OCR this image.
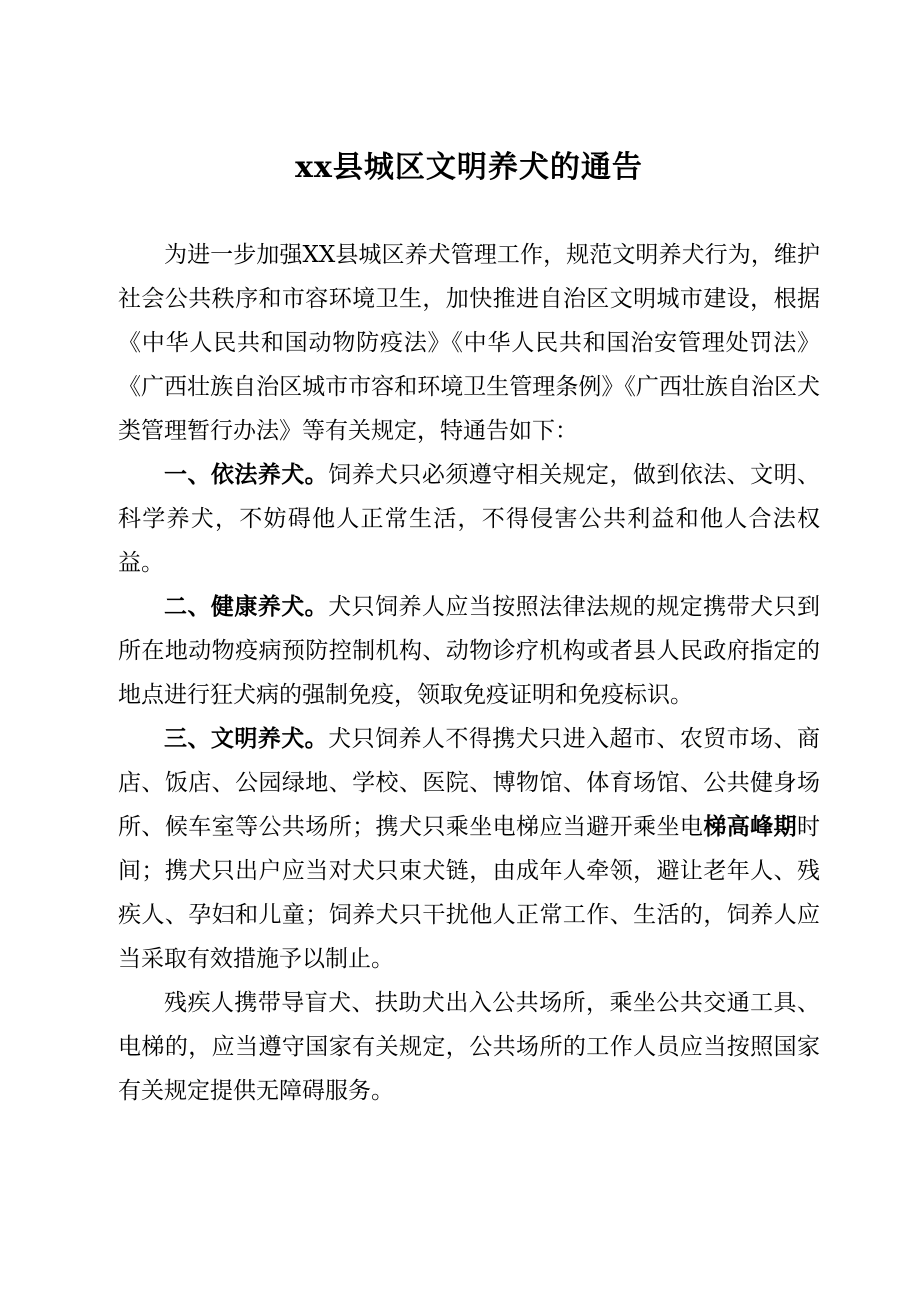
xx县城区文明养犬的通告

为进一步加强XX县城区养犬管理工作，规范文明养犬行为，维护社会公共秩序和市容环境卫生，加快推进自治区文明城市建设，根据《中华人民共和国动物防疫法》《中华人民共和国治安管理处罚法》《广西壮族自治区城市市容和环境卫生管理条例》《广西壮族自治区犬类管理暂行办法》等有关规定，特通告如下：

一、依法养犬。饲养犬只必须遵守相关规定，做到依法、文明、科学养犬，不妨碍他人正常生活，不得侵害公共利益和他人合法权益。

二、健康养犬。犬只饲养人应当按照法律法规的规定携带犬只到所在地动物疫病预防控制机构、动物诊疗机构或者县人民政府指定的地点进行狂犬病的强制免疫，领取免疫证明和免疫标识。

三、文明养犬。犬只饲养人不得携犬只进入超市、农贸市场、商店、饭店、公园绿地、学校、医院、博物馆、体育场馆、公共健身场所、候车室等公共场所；携犬只乘坐电梯应当避开乘坐电梯高峰期时间；携犬只出户应当对犬只束犬链，由成年人牵领，避让老年人、残疾人、孕妇和儿童；饲养犬只干扰他人正常工作、生活的，饲养人应当采取有效措施予以制止。

残疾人携带导盲犬、扶助犬出入公共场所，乘坐公共交通工具、电梯的，应当遵守国家有关规定，公共场所的工作人员应当按照国家有关规定提供无障碍服务。
